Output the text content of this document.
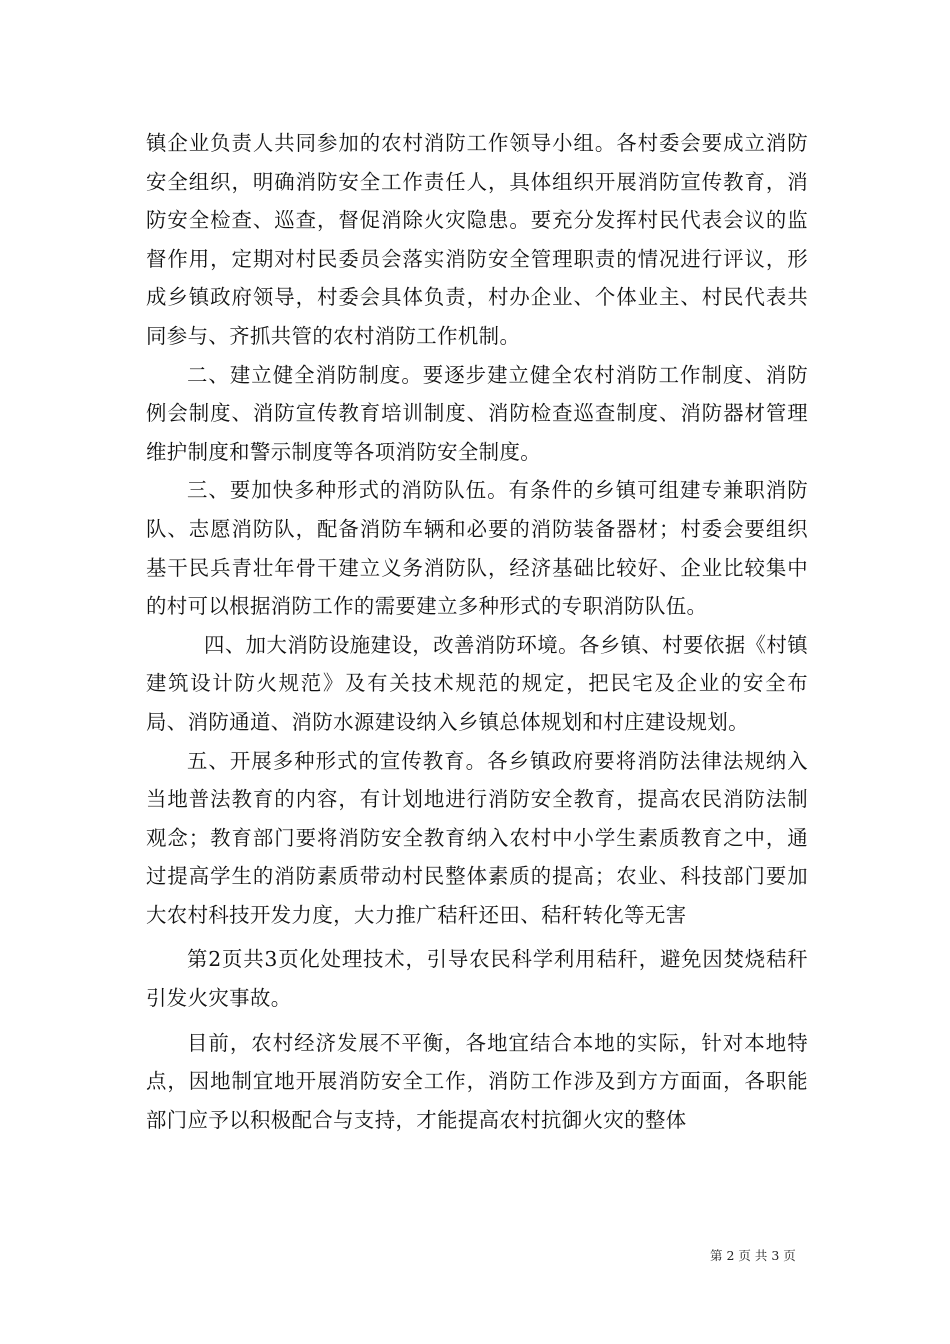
镇企业负责人共同参加的农村消防工作领导小组。各村委会要成立消防安全组织，明确消防安全工作责任人，具体组织开展消防宣传教育，消防安全检查、巡查，督促消除火灾隐患。要充分发挥村民代表会议的监督作用，定期对村民委员会落实消防安全管理职责的情况进行评议，形成乡镇政府领导，村委会具体负责，村办企业、个体业主、村民代表共同参与、齐抓共管的农村消防工作机制。

二、建立健全消防制度。要逐步建立健全农村消防工作制度、消防例会制度、消防宣传教育培训制度、消防检查巡查制度、消防器材管理维护制度和警示制度等各项消防安全制度。

三、要加快多种形式的消防队伍。有条件的乡镇可组建专兼职消防队、志愿消防队，配备消防车辆和必要的消防装备器材；村委会要组织基干民兵青壮年骨干建立义务消防队，经济基础比较好、企业比较集中的村可以根据消防工作的需要建立多种形式的专职消防队伍。

四、加大消防设施建设，改善消防环境。各乡镇、村要依据《村镇建筑设计防火规范》及有关技术规范的规定，把民宅及企业的安全布局、消防通道、消防水源建设纳入乡镇总体规划和村庄建设规划。

五、开展多种形式的宣传教育。各乡镇政府要将消防法律法规纳入当地普法教育的内容，有计划地进行消防安全教育，提高农民消防法制观念；教育部门要将消防安全教育纳入农村中小学生素质教育之中，通过提高学生的消防素质带动村民整体素质的提高；农业、科技部门要加大农村科技开发力度，大力推广秸秆还田、秸秆转化等无害

第2页共3页化处理技术，引导农民科学利用秸秆，避免因焚烧秸秆引发火灾事故。

目前，农村经济发展不平衡，各地宜结合本地的实际，针对本地特点，因地制宜地开展消防安全工作，消防工作涉及到方方面面，各职能部门应予以积极配合与支持，才能提高农村抗御火灾的整体

第 2 页 共 3 页
